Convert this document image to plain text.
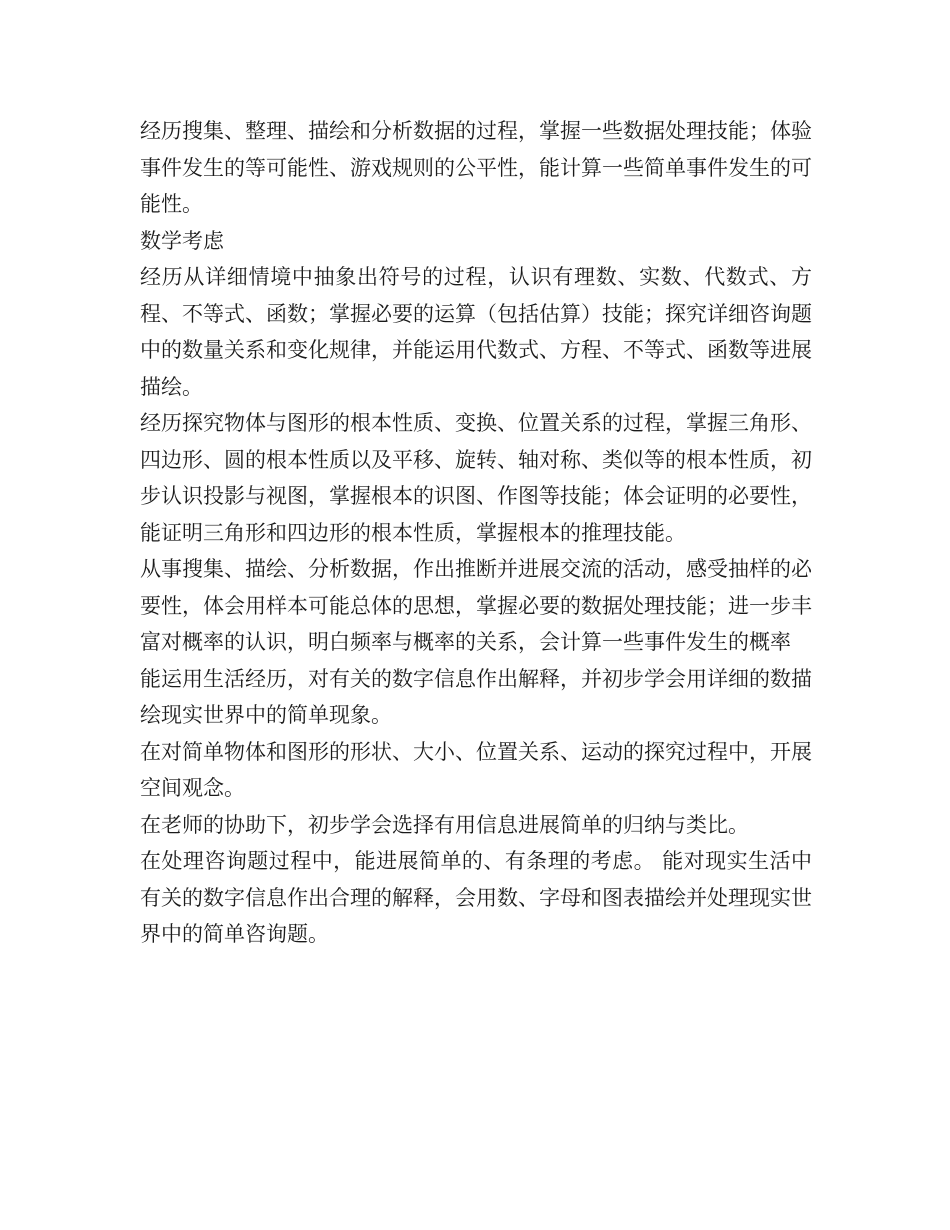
经历搜集、整理、描绘和分析数据的过程，掌握一些数据处理技能；体验事件发生的等可能性、游戏规则的公平性，能计算一些简单事件发生的可能性。

数学考虑

经历从详细情境中抽象出符号的过程，认识有理数、实数、代数式、方程、不等式、函数；掌握必要的运算（包括估算）技能；探究详细咨询题中的数量关系和变化规律，并能运用代数式、方程、不等式、函数等进展描绘。

经历探究物体与图形的根本性质、变换、位置关系的过程，掌握三角形、四边形、圆的根本性质以及平移、旋转、轴对称、类似等的根本性质，初步认识投影与视图，掌握根本的识图、作图等技能；体会证明的必要性，能证明三角形和四边形的根本性质，掌握根本的推理技能。

从事搜集、描绘、分析数据，作出推断并进展交流的活动，感受抽样的必要性，体会用样本可能总体的思想，掌握必要的数据处理技能；进一步丰富对概率的认识，明白频率与概率的关系，会计算一些事件发生的概率

能运用生活经历，对有关的数字信息作出解释，并初步学会用详细的数描绘现实世界中的简单现象。

在对简单物体和图形的形状、大小、位置关系、运动的探究过程中，开展空间观念。

在老师的协助下，初步学会选择有用信息进展简单的归纳与类比。

在处理咨询题过程中，能进展简单的、有条理的考虑。 能对现实生活中有关的数字信息作出合理的解释，会用数、字母和图表描绘并处理现实世界中的简单咨询题。
